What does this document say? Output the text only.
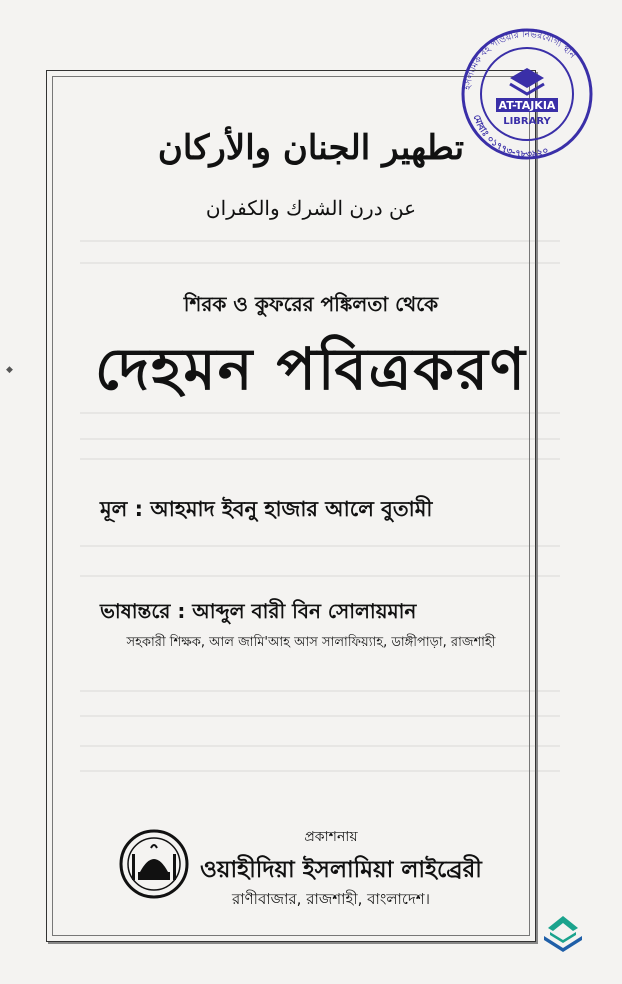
◆
ইসলামিক বই পাওয়ার নির্ভরযোগ্য স্থান
মোবাঃ ০১৭৭৩-৭৮৩৯২০
AT-TAJKIA
LIBRARY
تطهير الجنان والأركان
عن درن الشرك والكفران
শিরক ও কুফরের পঙ্কিলতা থেকে
দেহমন পবিত্রকরণ
মূল : আহমাদ ইবনু হাজার আলে বুতামী
ভাষান্তরে : আব্দুল বারী বিন সোলায়মান
সহকারী শিক্ষক, আল জামি'আহ আস সালাফিয়্যাহ, ডাঙ্গীপাড়া, রাজশাহী
প্রকাশনায়
ওয়াহীদিয়া ইসলামিয়া লাইব্রেরী
রাণীবাজার, রাজশাহী, বাংলাদেশ।
